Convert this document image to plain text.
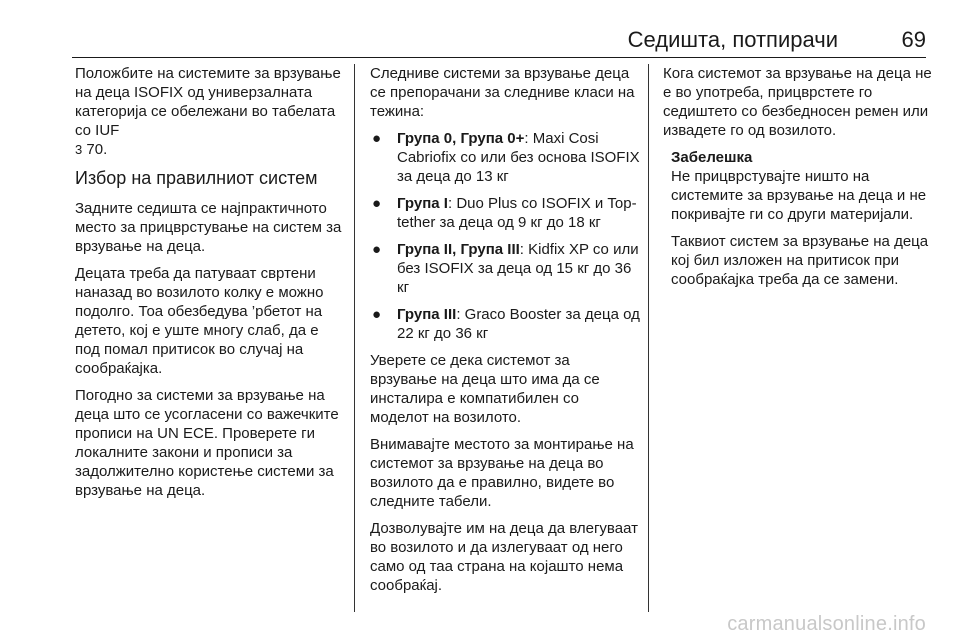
Седишта, потпирачи	69

Положбите на системите за врзување на деца ISOFIX од универзалната категорија се обележани во табелата со IUF
3 70.

Избор на правилниот систем

Задните седишта се најпрактичното место за прицврстување на систем за врзување на деца.

Децата треба да патуваат свртени наназад во возилото колку е можно подолго. Тоа обезбедува ’рбетот на детето, кој е уште многу слаб, да е под помал притисок во случај на сообраќајка.

Погодно за системи за врзување на деца што се усогласени со важечките прописи на UN ECE. Проверете ги локалните закони и прописи за задолжително користење системи за врзување на деца.

Следниве системи за врзување деца се препорачани за следниве класи на тежина:

● Група 0, Група 0+: Maxi Cosi Cabriofix со или без основа ISOFIX за деца до 13 кг
● Група I: Duo Plus со ISOFIX и Top-tether за деца од 9 кг до 18 кг
● Група II, Група III: Kidfix XP со или без ISOFIX за деца од 15 кг до 36 кг
● Група III: Graco Booster за деца од 22 кг до 36 кг

Уверете се дека системот за врзување на деца што има да се инсталира е компатибилен со моделот на возилото.

Внимавајте местото за монтирање на системот за врзување на деца во возилото да е правилно, видете во следните табели.

Дозволувајте им на деца да влегуваат во возилото и да излегуваат од него само од таа страна на којашто нема сообраќај.

Кога системот за врзување на деца не е во употреба, прицврстете го седиштето со безбедносен ремен или извадете го од возилото.

Забелешка

Не прицврстувајте ништо на системите за врзување на деца и не покривајте ги со други материјали.

Таквиот систем за врзување на деца кој бил изложен на притисок при сообраќајка треба да се замени.

carmanualsonline.info
